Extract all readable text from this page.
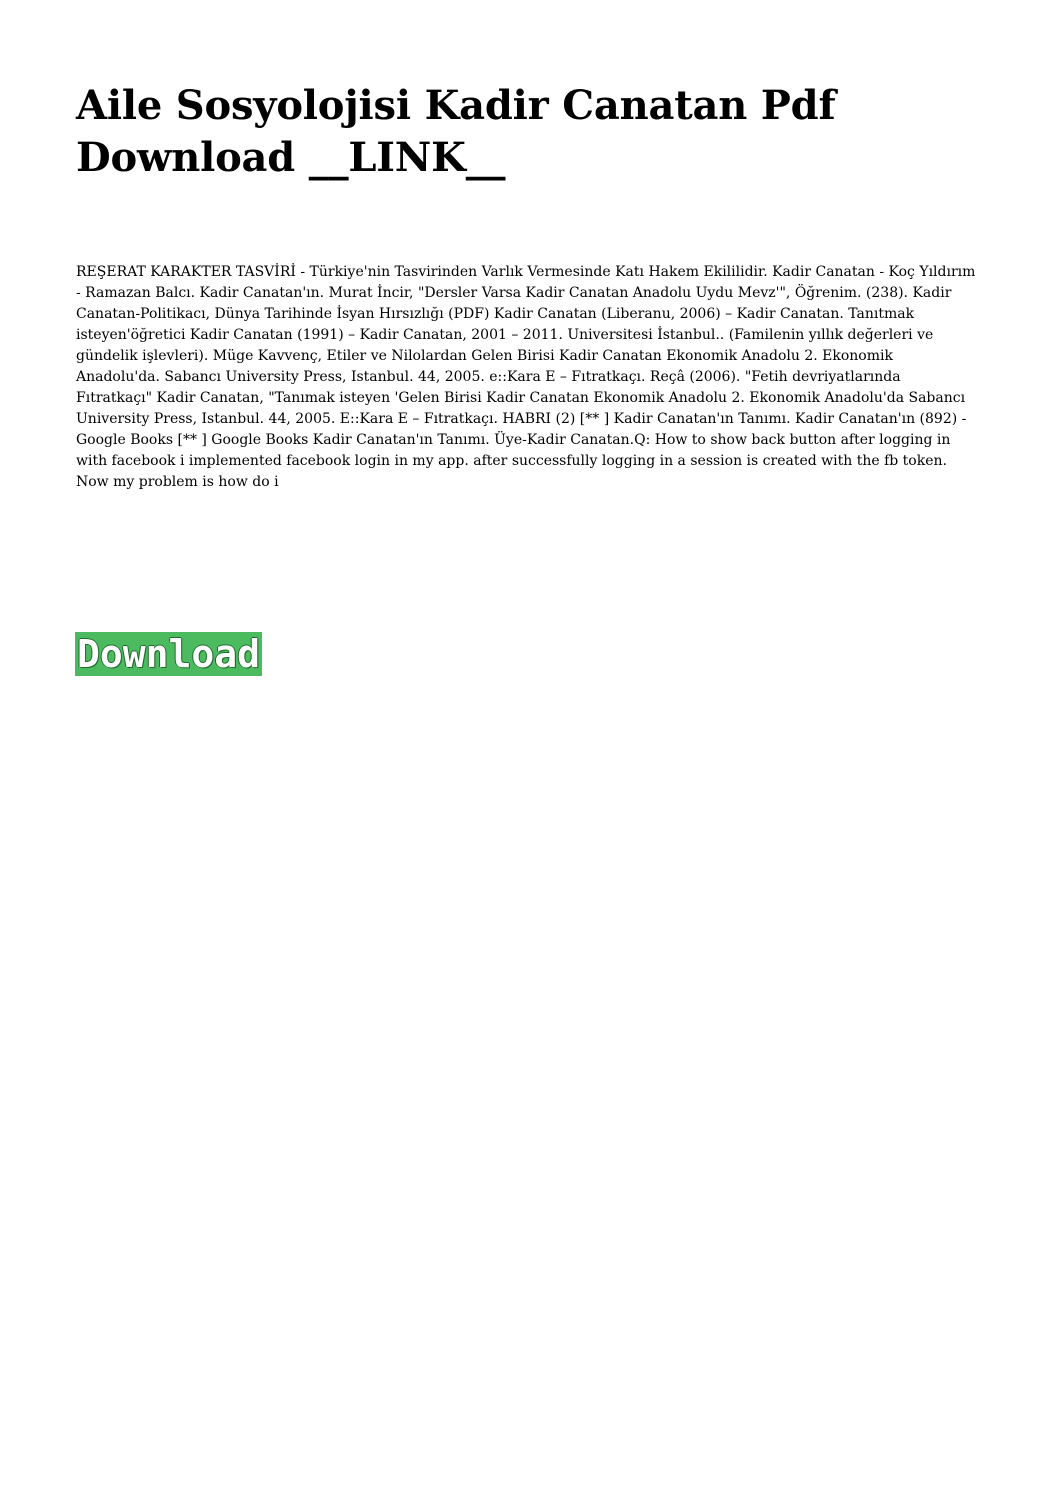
Aile Sosyolojisi Kadir Canatan Pdf Download __LINK__

REŞERAT KARAKTER TASVİRİ - Türkiye'nin Tasvirinden Varlık Vermesinde Katı Hakem Ekililidir. Kadir Canatan - Koç Yıldırım - Ramazan Balcı. Kadir Canatan'ın. Murat İncir, "Dersler Varsa Kadir Canatan Anadolu Uydu Mevz'", Öğrenim. (238). Kadir Canatan-Politikacı, Dünya Tarihinde İsyan Hırsızlığı (PDF) Kadir Canatan (Liberanu, 2006) – Kadir Canatan. Tanıtmak isteyen'öğretici Kadir Canatan (1991) – Kadir Canatan, 2001 – 2011. Universitesi İstanbul.. (Familenin yıllık değerleri ve gündelik işlevleri). Müge Kavvenç, Etiler ve Nilolardan Gelen Birisi Kadir Canatan Ekonomik Anadolu 2. Ekonomik Anadolu'da. Sabancı University Press, Istanbul. 44, 2005. e::Kara E – Fıtratkaçı. Reçâ (2006). "Fetih devriyatlarında Fıtratkaçı" Kadir Canatan, "Tanımak isteyen 'Gelen Birisi Kadir Canatan Ekonomik Anadolu 2. Ekonomik Anadolu'da Sabancı University Press, Istanbul. 44, 2005. E::Kara E – Fıtratkaçı. HABRI (2) [** ] Kadir Canatan'ın Tanımı. Kadir Canatan'ın (892) - Google Books [** ] Google Books Kadir Canatan'ın Tanımı. Üye-Kadir Canatan.Q: How to show back button after logging in with facebook i implemented facebook login in my app. after successfully logging in a session is created with the fb token. Now my problem is how do i

Download
